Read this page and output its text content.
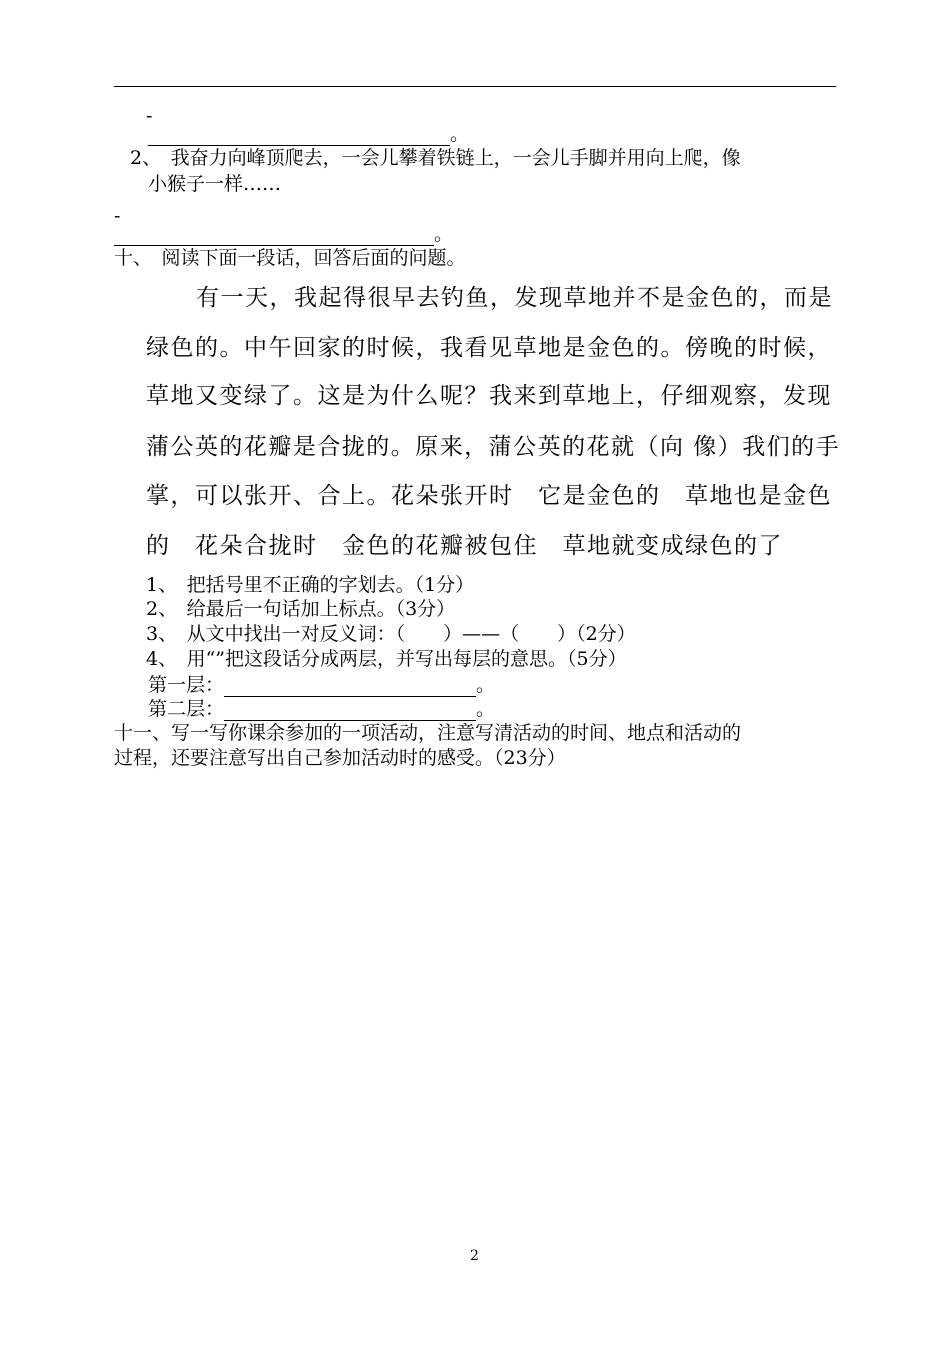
-
。
2、　我奋力向峰顶爬去，一会儿攀着铁链上，一会儿手脚并用向上爬，像
小猴子一样……
-
。
十、　阅读下面一段话，回答后面的问题。
有一天，我起得很早去钓鱼，发现草地并不是金色的，而是
绿色的。中午回家的时候，我看见草地是金色的。傍晚的时候，
草地又变绿了。这是为什么呢？我来到草地上，仔细观察，发现
蒲公英的花瓣是合拢的。原来，蒲公英的花就（向 像）我们的手
掌，可以张开、合上。花朵张开时　它是金色的　草地也是金色
的　花朵合拢时　金色的花瓣被包住　草地就变成绿色的了
1、　把括号里不正确的字划去。（1分）
2、　给最后一句话加上标点。（3分）
3、　从文中找出一对反义词：（　　）——（　　）（2分）
4、　用“”把这段话分成两层，并写出每层的意思。（5分）
第一层：	。
第二层：	。
十一、写一写你课余参加的一项活动，注意写清活动的时间、地点和活动的
过程，还要注意写出自己参加活动时的感受。（23分）
2
